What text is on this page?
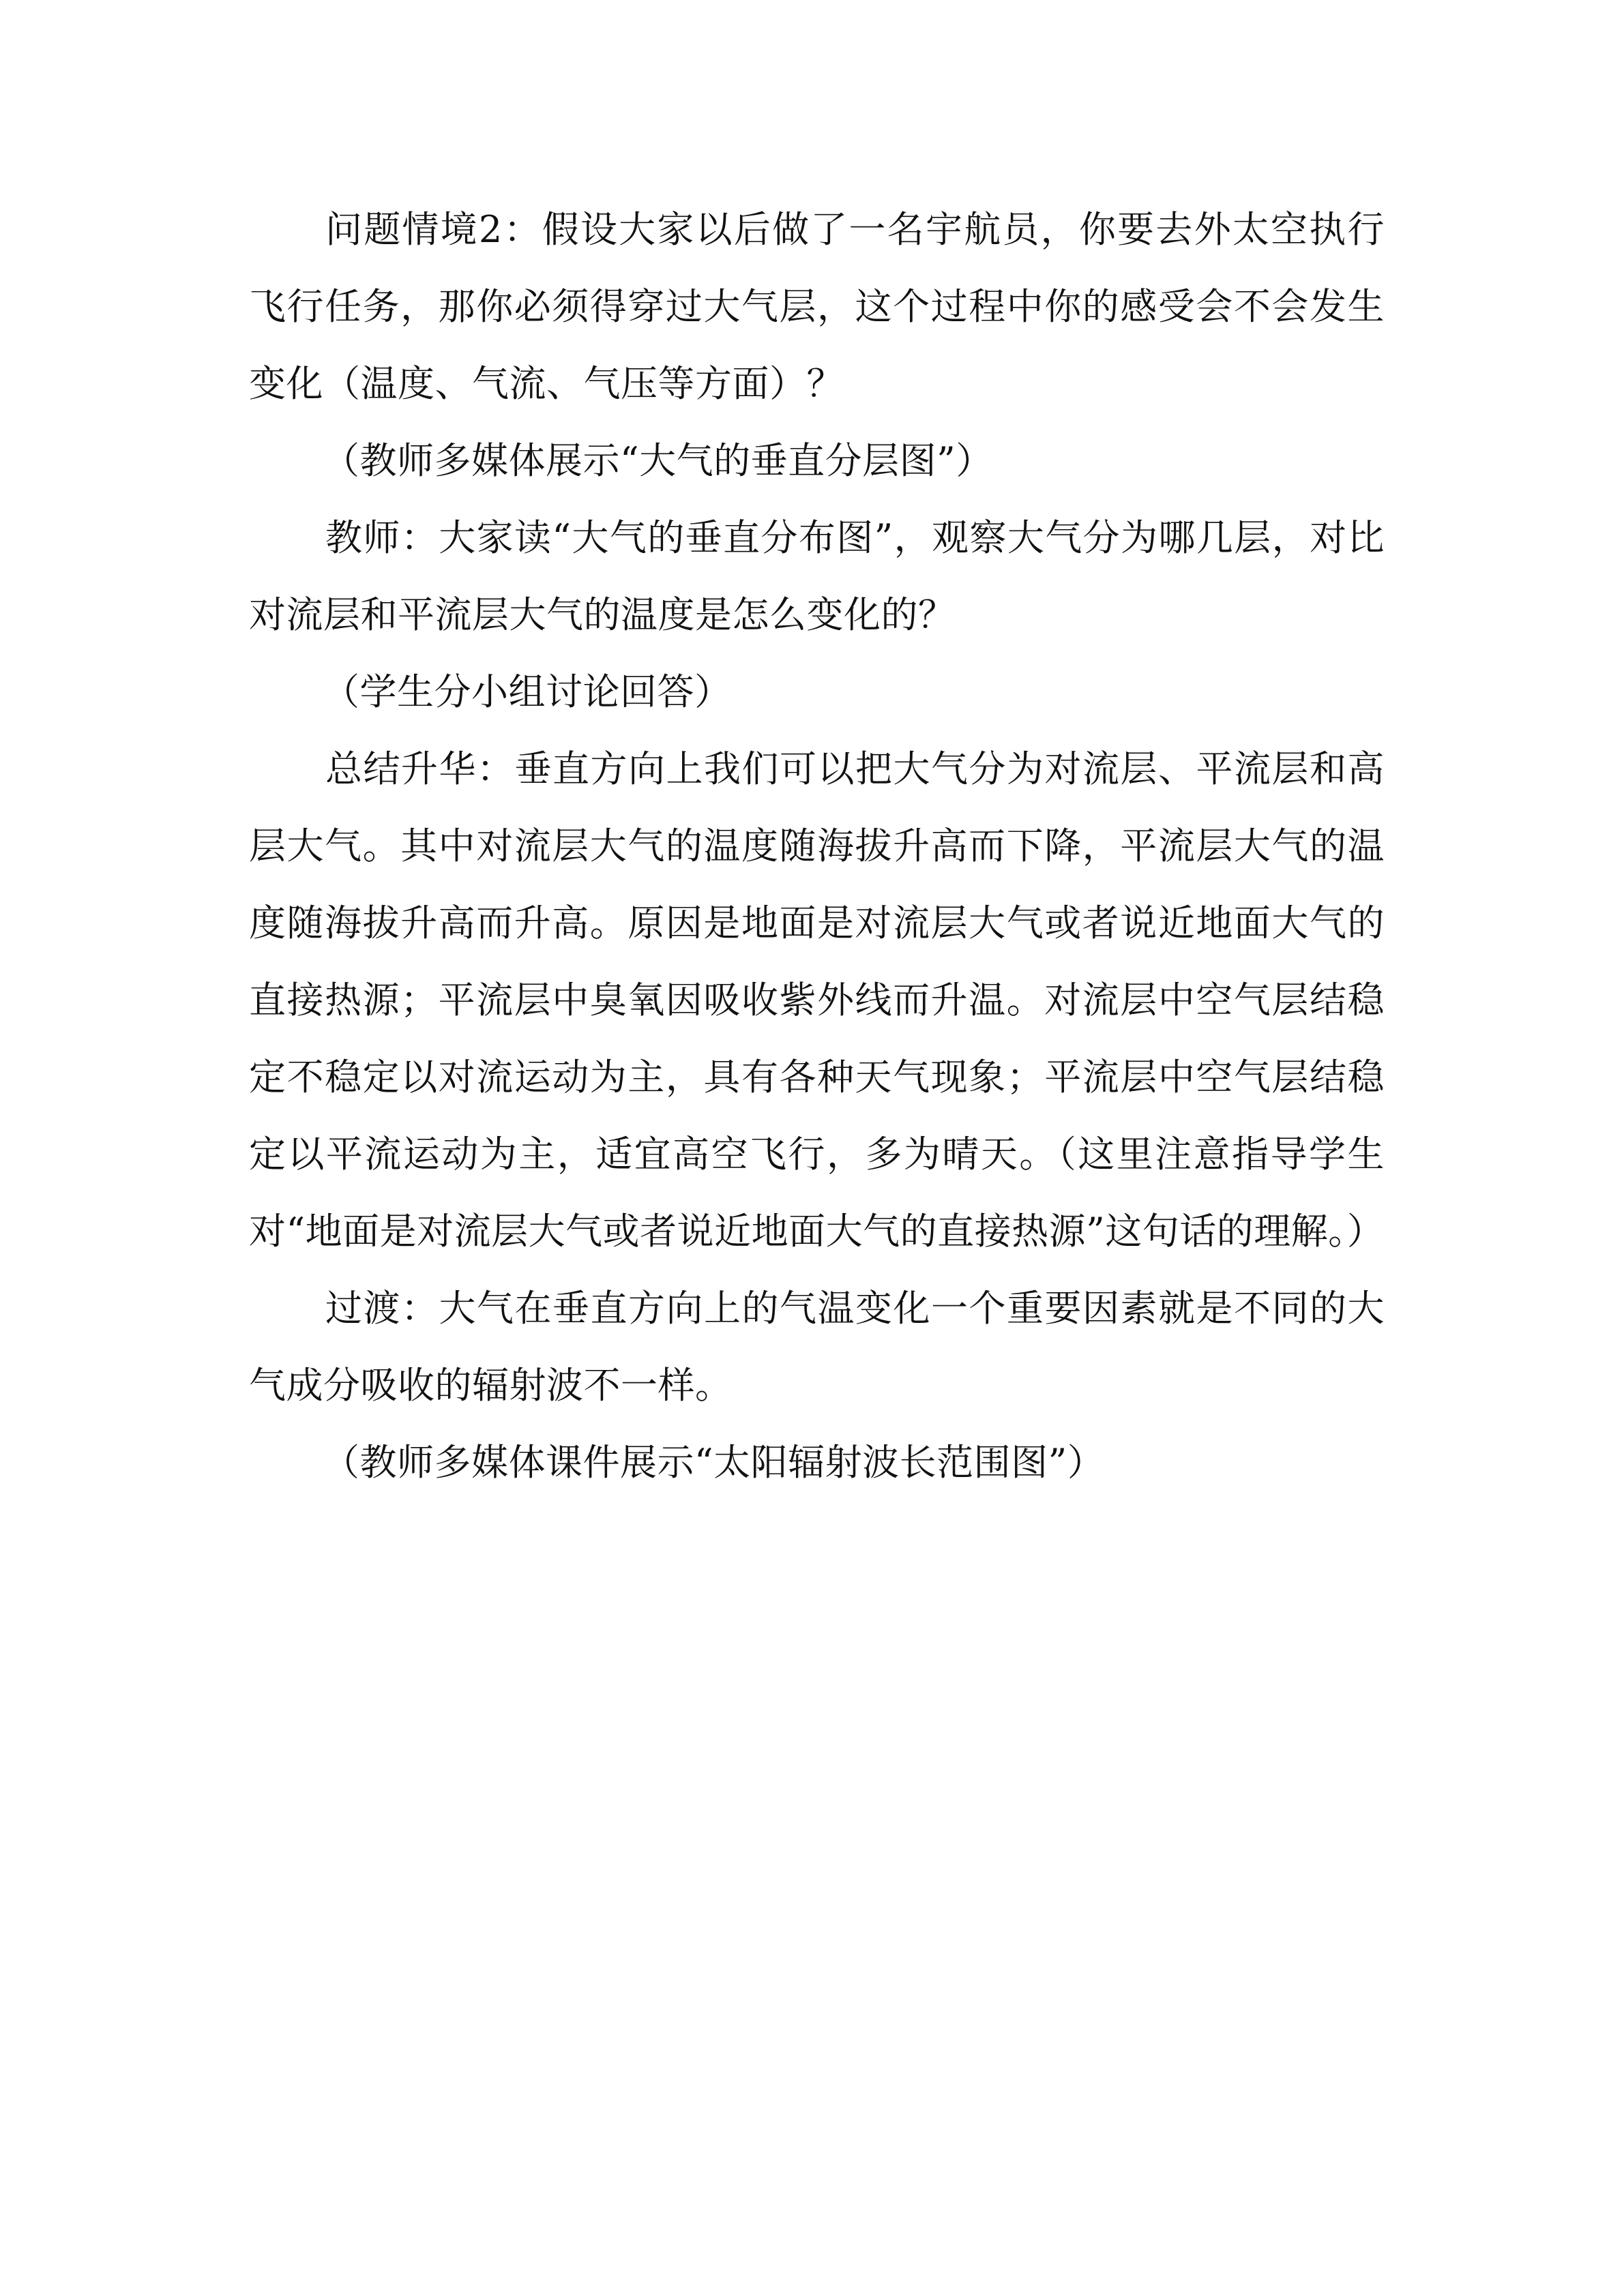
问题情境2：假设大家以后做了一名宇航员，你要去外太空执行飞行任务，那你必须得穿过大气层，这个过程中你的感受会不会发生变化（温度、气流、气压等方面）？

（教师多媒体展示“大气的垂直分层图”）

教师：大家读“大气的垂直分布图”，观察大气分为哪几层，对比对流层和平流层大气的温度是怎么变化的？

（学生分小组讨论回答）

总结升华：垂直方向上我们可以把大气分为对流层、平流层和高层大气。其中对流层大气的温度随海拔升高而下降，平流层大气的温度随海拔升高而升高。原因是地面是对流层大气或者说近地面大气的直接热源；平流层中臭氧因吸收紫外线而升温。对流层中空气层结稳定不稳定以对流运动为主，具有各种天气现象；平流层中空气层结稳定以平流运动为主，适宜高空飞行，多为晴天。（这里注意指导学生对“地面是对流层大气或者说近地面大气的直接热源”这句话的理解。）

过渡：大气在垂直方向上的气温变化一个重要因素就是不同的大气成分吸收的辐射波不一样。

（教师多媒体课件展示“太阳辐射波长范围图”）
